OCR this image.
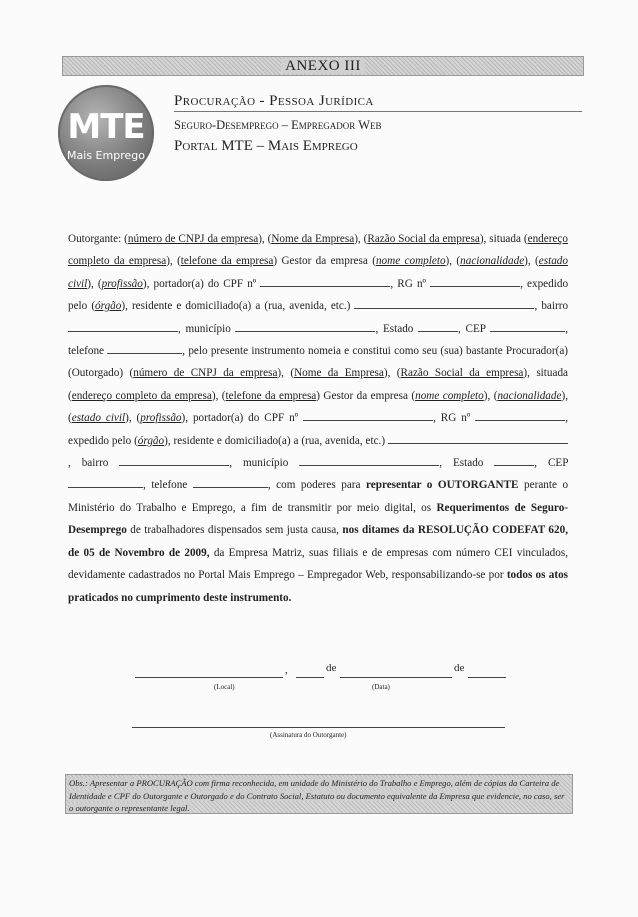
ANEXO III
MTE
Mais Emprego
Procuração - Pessoa Jurídica
Seguro-Desemprego – Empregador Web
Portal MTE – Mais Emprego

Outorgante: (número de CNPJ da empresa), (Nome da Empresa), (Razão Social da empresa), situada (endereço completo da empresa), (telefone da empresa) Gestor da empresa (nome completo), (nacionalidade), (estado civil), (profissão), portador(a) do CPF nº	, RG nº	, expedido pelo (órgão), residente e domiciliado(a) a (rua, avenida, etc.)	, bairro , município	, Estado	, CEP	, telefone	, pelo presente instrumento nomeia e constitui como seu (sua) bastante Procurador(a) (Outorgado) (número de CNPJ da empresa), (Nome da Empresa), (Razão Social da empresa), situada (endereço completo da empresa), (telefone da empresa) Gestor da empresa (nome completo), (nacionalidade), (estado civil), (profissão), portador(a) do CPF nº	, RG nº	, expedido pelo (órgão), residente e domiciliado(a) a (rua, avenida, etc.) , bairro	, município	, Estado	, CEP , telefone	, com poderes para representar o OUTORGANTE perante o Ministério do Trabalho e Emprego, a fim de transmitir por meio digital, os Requerimentos de Seguro-Desemprego de trabalhadores dispensados sem justa causa, nos ditames da RESOLUÇÃO CODEFAT 620, de 05 de Novembro de 2009, da Empresa Matriz, suas filiais e de empresas com número CEI vinculados, devidamente cadastrados no Portal Mais Emprego – Empregador Web, responsabilizando-se por todos os atos praticados no cumprimento deste instrumento.

,	de	de
(Local)	(Data)
(Assinatura do Outorgante)
Obs.: Apresentar a PROCURAÇÃO com firma reconhecida, em unidade do Ministério do Trabalho e Emprego, além de cópias da Carteira de Identidade e CPF do Outorgante e Outorgado e do Contrato Social, Estatuto ou documento equivalente da Empresa que evidencie, no caso, ser o outorgante o representante legal.
